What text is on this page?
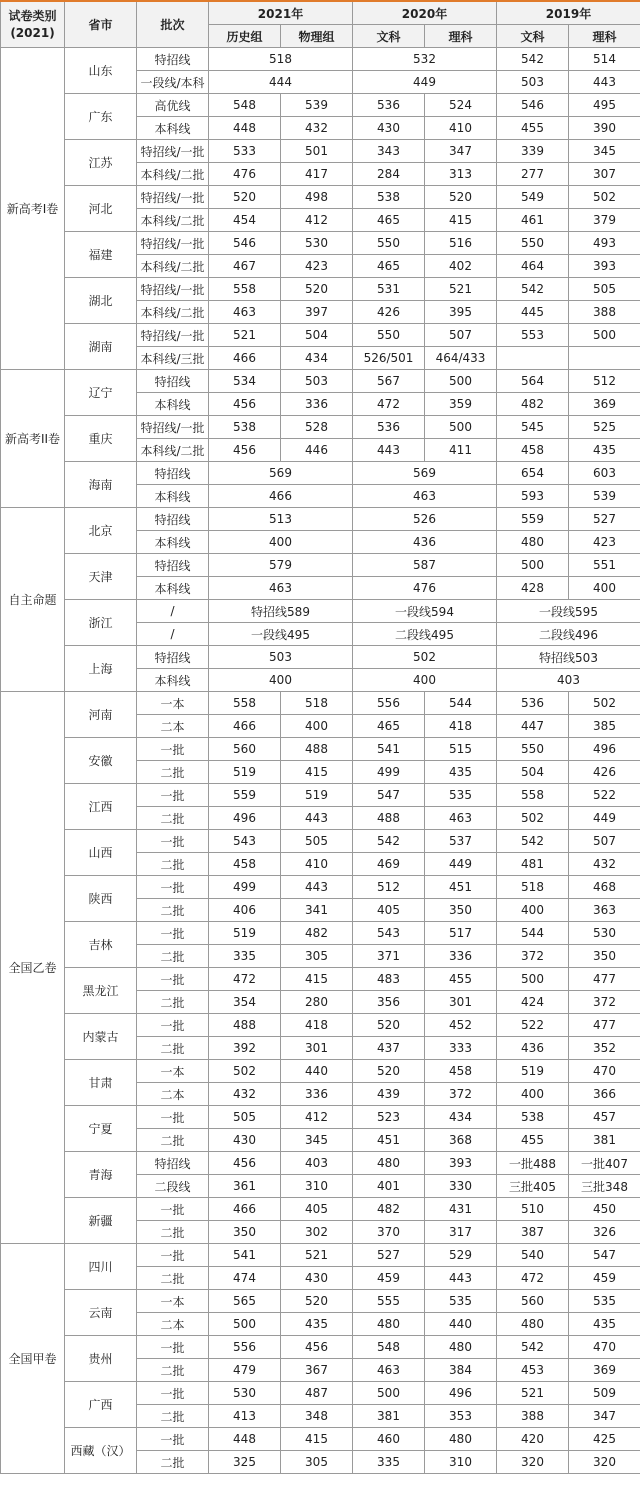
试卷类别
(2021)	省市	批次	2021年		2020年		2019年	
			历史组	物理组	文科	理科	文科	理科
新高考I卷	山东	特招线	518		532		542	514
		一段线/本科	444		449		503	443
	广东	高优线	548	539	536	524	546	495
		本科线	448	432	430	410	455	390
	江苏	特招线/一批	533	501	343	347	339	345
		本科线/二批	476	417	284	313	277	307
	河北	特招线/一批	520	498	538	520	549	502
		本科线/二批	454	412	465	415	461	379
	福建	特招线/一批	546	530	550	516	550	493
		本科线/二批	467	423	465	402	464	393
	湖北	特招线/一批	558	520	531	521	542	505
		本科线/二批	463	397	426	395	445	388
	湖南	特招线/一批	521	504	550	507	553	500
		本科线/三批	466	434	526/501	464/433		
新高考II卷	辽宁	特招线	534	503	567	500	564	512
		本科线	456	336	472	359	482	369
	重庆	特招线/一批	538	528	536	500	545	525
		本科线/二批	456	446	443	411	458	435
	海南	特招线	569		569		654	603
		本科线	466		463		593	539
自主命题	北京	特招线	513		526		559	527
		本科线	400		436		480	423
	天津	特招线	579		587		500	551
		本科线	463		476		428	400
	浙江	/	特招线589		一段线594		一段线595	
		/	一段线495		二段线495		二段线496	
	上海	特招线	503		502		特招线503	
		本科线	400		400		403	
全国乙卷	河南	一本	558	518	556	544	536	502
		二本	466	400	465	418	447	385
	安徽	一批	560	488	541	515	550	496
		二批	519	415	499	435	504	426
	江西	一批	559	519	547	535	558	522
		二批	496	443	488	463	502	449
	山西	一批	543	505	542	537	542	507
		二批	458	410	469	449	481	432
	陕西	一批	499	443	512	451	518	468
		二批	406	341	405	350	400	363
	吉林	一批	519	482	543	517	544	530
		二批	335	305	371	336	372	350
	黑龙江	一批	472	415	483	455	500	477
		二批	354	280	356	301	424	372
	内蒙古	一批	488	418	520	452	522	477
		二批	392	301	437	333	436	352
	甘肃	一本	502	440	520	458	519	470
		二本	432	336	439	372	400	366
	宁夏	一批	505	412	523	434	538	457
		二批	430	345	451	368	455	381
	青海	特招线	456	403	480	393	一批488	一批407
		二段线	361	310	401	330	三批405	三批348
	新疆	一批	466	405	482	431	510	450
		二批	350	302	370	317	387	326
全国甲卷	四川	一批	541	521	527	529	540	547
		二批	474	430	459	443	472	459
	云南	一本	565	520	555	535	560	535
		二本	500	435	480	440	480	435
	贵州	一批	556	456	548	480	542	470
		二批	479	367	463	384	453	369
	广西	一批	530	487	500	496	521	509
		二批	413	348	381	353	388	347
	西藏（汉）	一批	448	415	460	480	420	425
		二批	325	305	335	310	320	320
